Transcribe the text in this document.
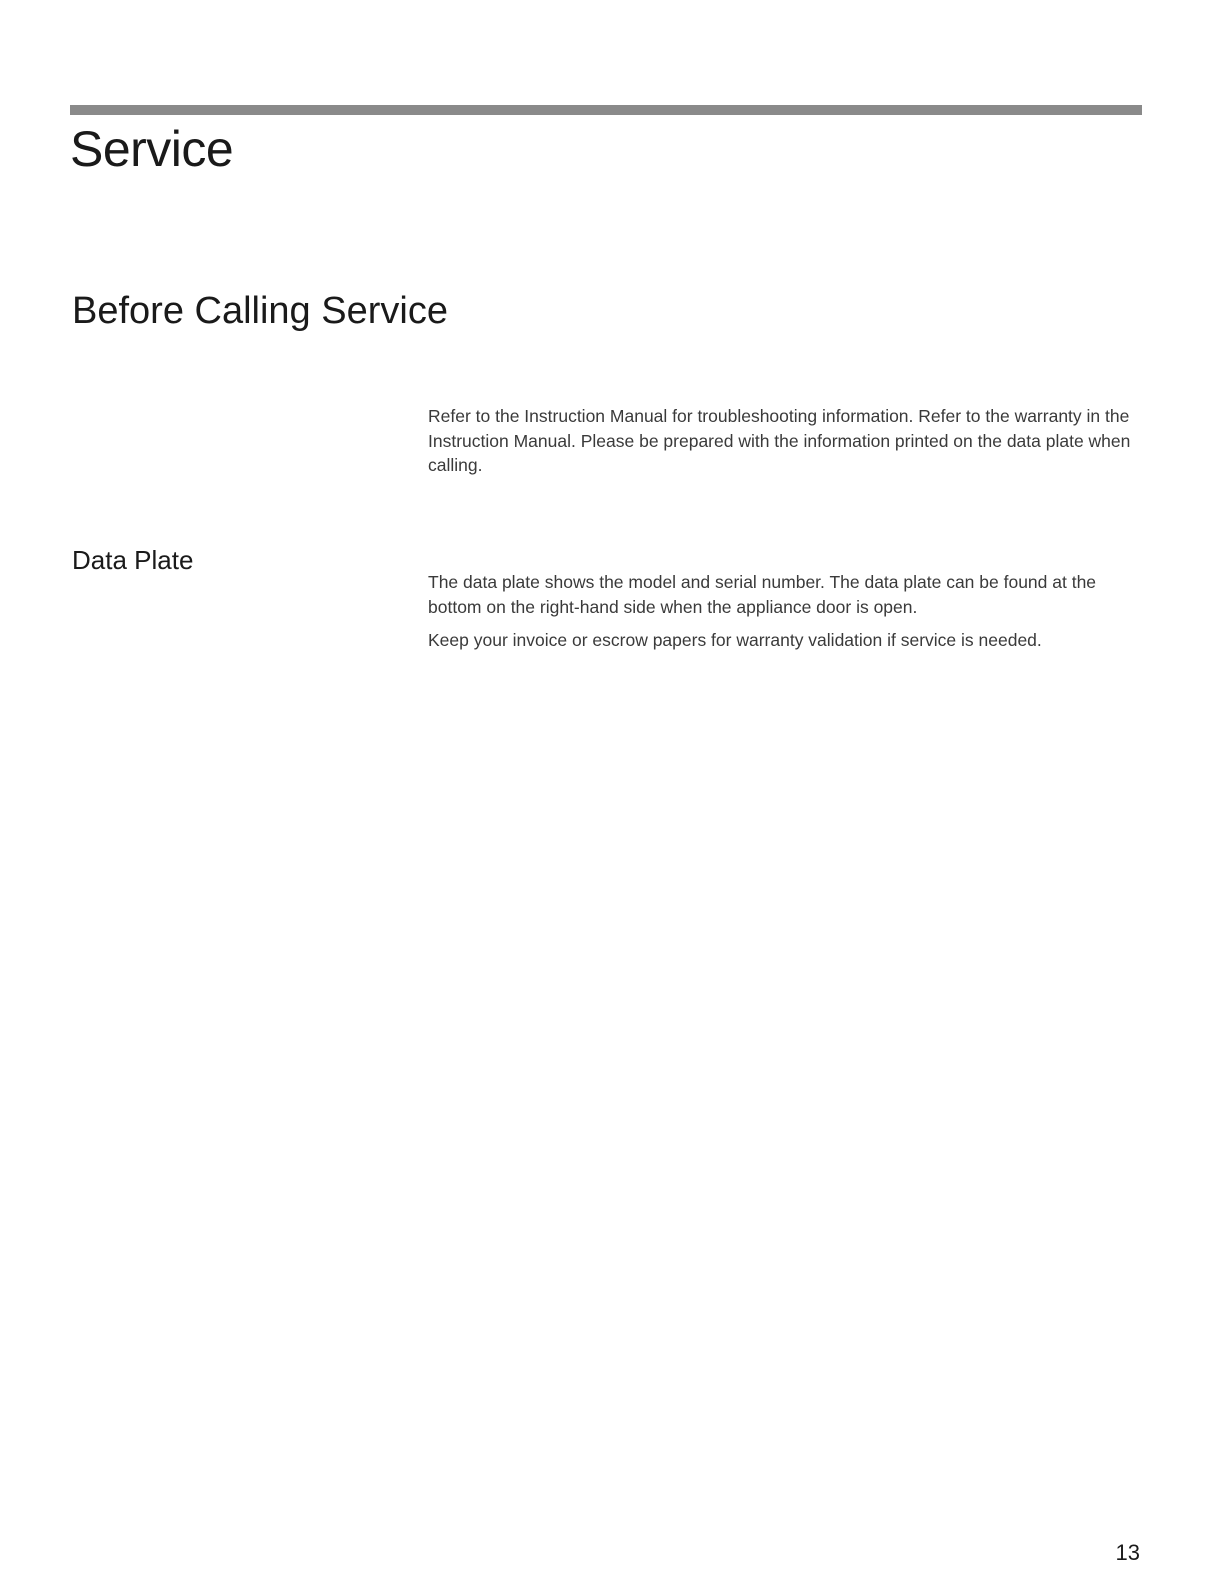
Service
Before Calling Service

Refer to the Instruction Manual for troubleshooting information. Refer to the warranty in the Instruction Manual. Please be prepared with the information printed on the data plate when calling.

Data Plate

The data plate shows the model and serial number. The data plate can be found at the bottom on the right-hand side when the appliance door is open.

Keep your invoice or escrow papers for warranty validation if service is needed.

13
